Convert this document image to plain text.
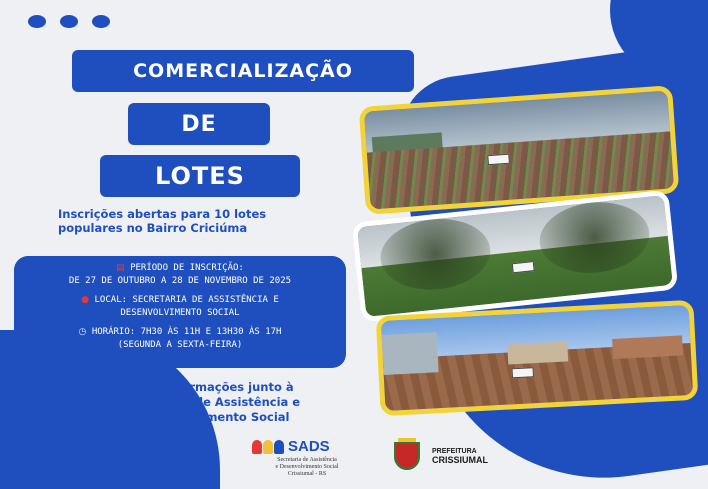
COMERCIALIZAÇÃO
DE
LOTES
Inscrições abertas para 10 lotes
populares no Bairro Criciúma
▤ PERÍODO DE INSCRIÇÃO:
DE 27 DE OUTUBRO A 28 DE NOVEMBRO DE 2025
● LOCAL: SECRETARIA DE ASSISTÊNCIA E
DESENVOLVIMENTO SOCIAL
◷ HORÁRIO: 7H30 ÀS 11H E 13H30 ÀS 17H
(SEGUNDA A SEXTA-FEIRA)
Mais informações junto à
Secretaria de Assistência e
Desenvolvimento Social
SADS
Secretaria de Assistência
e Desenvolvimento Social
Crissiumal - RS
PREFEITURA
CRISSIUMAL
